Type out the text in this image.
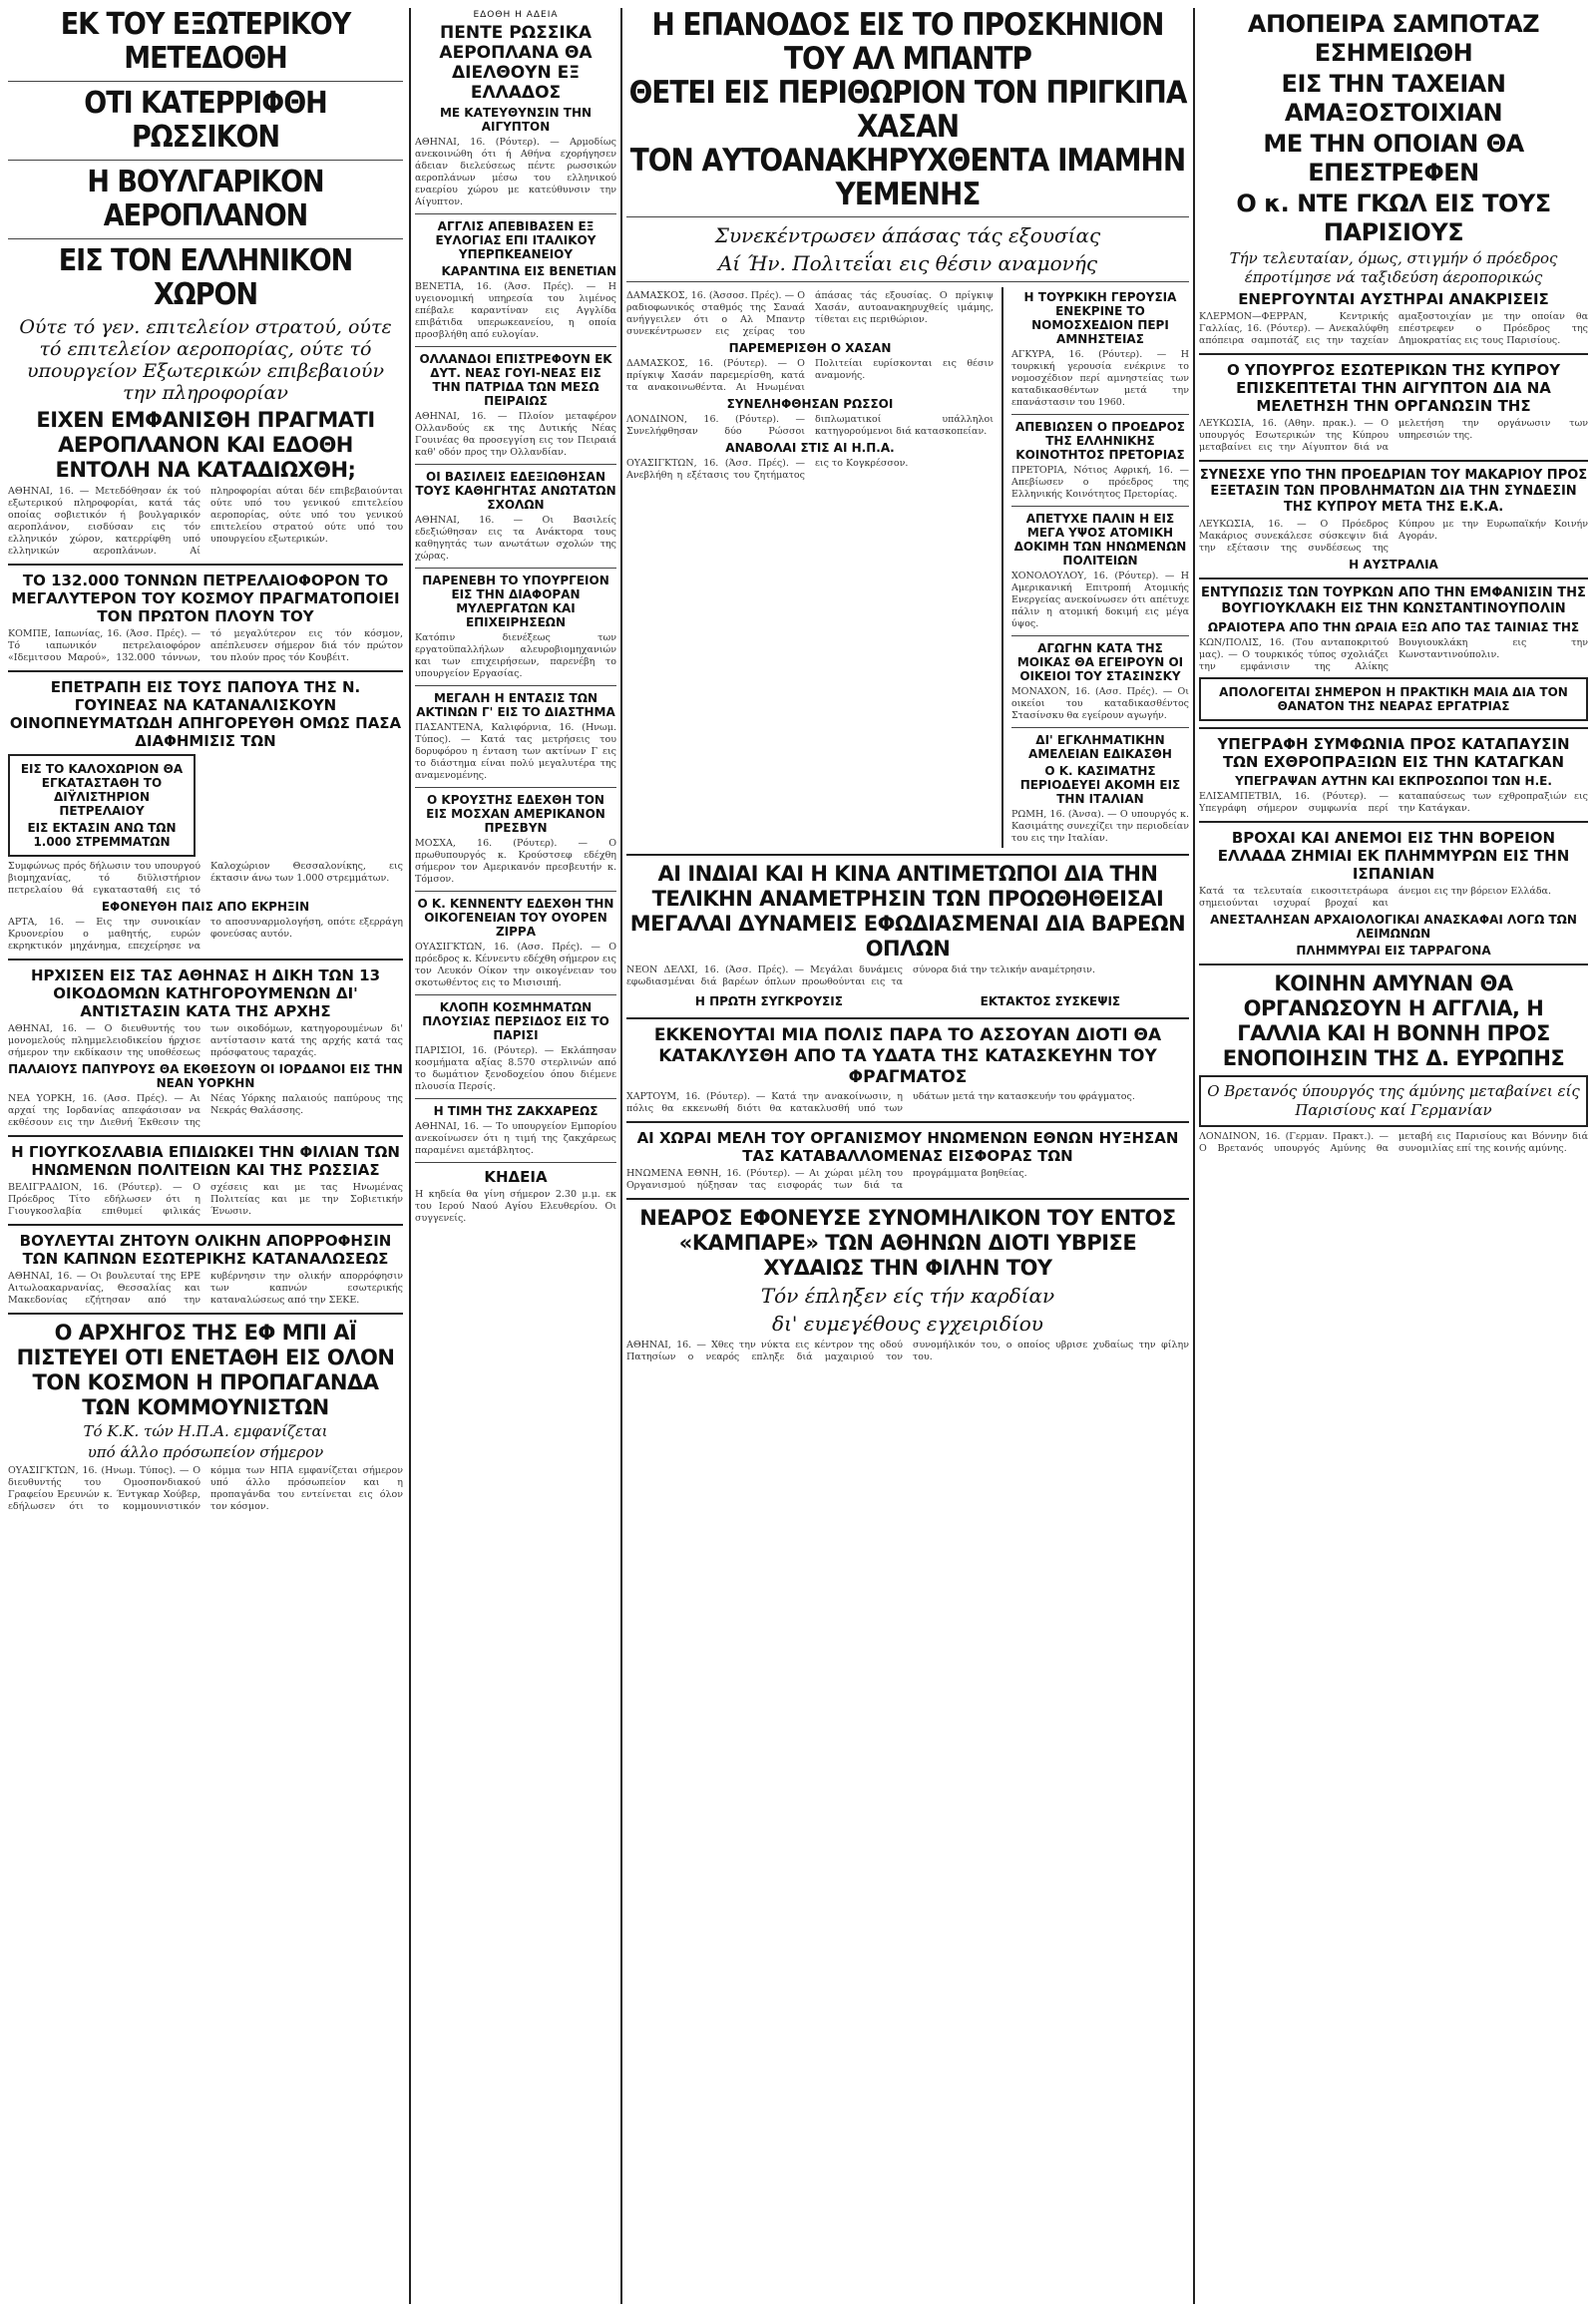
ΕΚ ΤΟΥ ΕΞΩΤΕΡΙΚΟΥ ΜΕΤΕΔΟΘΗ
ΟΤΙ ΚΑΤΕΡΡΙΦΘΗ ΡΩΣΣΙΚΟΝ
Η ΒΟΥΛΓΑΡΙΚΟΝ ΑΕΡΟΠΛΑΝΟΝ
ΕΙΣ ΤΟΝ ΕΛΛΗΝΙΚΟΝ ΧΩΡΟΝ
Ούτε τό γεν. επιτελείον στρατού, ούτε τό επιτελείον αεροπορίας, ούτε τό υπουργείον Εξωτερικών επιβεβαιούν την πληροφορίαν
ΕΙΧΕΝ ΕΜΦΑΝΙΣΘΗ ΠΡΑΓΜΑΤΙ ΑΕΡΟΠΛΑΝΟΝ ΚΑΙ ΕΔΟΘΗ ΕΝΤΟΛΗ ΝΑ ΚΑΤΑΔΙΩΧΘΗ;
ΑΘΗΝΑΙ, 16. — Μετεδόθησαν έκ τού εξωτερικού πληροφορίαι, κατά τάς οποίας σοβιετικόν ή βουλγαρικόν αεροπλάνον, εισδύσαν εις τόν ελληνικόν χώρον, κατερρίφθη υπό ελληνικών αεροπλάνων. Αί πληροφορίαι αύται δέν επιβεβαιούνται ούτε υπό του γενικού επιτελείου αεροπορίας, ούτε υπό του γενικού επιτελείου στρατού ούτε υπό του υπουργείου εξωτερικών.
ΤΟ 132.000 ΤΟΝΝΩΝ ΠΕΤΡΕΛΑΙΟΦΟΡΟΝ ΤΟ ΜΕΓΑΛΥΤΕΡΟΝ ΤΟΥ ΚΟΣΜΟΥ ΠΡΑΓΜΑΤΟΠΟΙΕΙ ΤΟΝ ΠΡΩΤΟΝ ΠΛΟΥΝ ΤΟΥ
ΚΟΜΠΕ, Ιαπωνίας, 16. (Άσσ. Πρές). — Τό ιαπωνικόν πετρελαιοφόρον «Ιδεμιτσου Μαρού», 132.000 τόννων, τό μεγαλύτερον εις τόν κόσμον, απέπλευσεν σήμερον διά τόν πρώτον του πλούν προς τόν Κουβέιτ.
ΕΠΕΤΡΑΠΗ ΕΙΣ ΤΟΥΣ ΠΑΠΟΥΑ ΤΗΣ Ν. ΓΟΥΙΝΕΑΣ ΝΑ ΚΑΤΑΝΑΛΙΣΚΟΥΝ ΟΙΝΟΠΝΕΥΜΑΤΩΔΗ ΑΠΗΓΟΡΕΥΘΗ ΟΜΩΣ ΠΑΣΑ ΔΙΑΦΗΜΙΣΙΣ ΤΩΝ
ΕΙΣ ΤΟ ΚΑΛΟΧΩΡΙΟΝ ΘΑ ΕΓΚΑΤΑΣΤΑΘΗ ΤΟ ΔΙΫΛΙΣΤΗΡΙΟΝ ΠΕΤΡΕΛΑΙΟΥ
ΕΙΣ ΕΚΤΑΣΙΝ ΑΝΩ ΤΩΝ 1.000 ΣΤΡΕΜΜΑΤΩΝ
Συμφώνως πρός δήλωσιν του υπουργού βιομηχανίας, τό διϋλιστήριον πετρελαίου θά εγκατασταθή εις τό Καλοχώριον Θεσσαλονίκης, εις έκτασιν άνω των 1.000 στρεμμάτων.
ΕΦΟΝΕΥΘΗ ΠΑΙΣ ΑΠΟ ΕΚΡΗΞΙΝ
ΑΡΤΑ, 16. — Εις την συνοικίαν Κρυονερίου ο μαθητής, ευρών εκρηκτικόν μηχάνημα, επεχείρησε να το αποσυναρμολογήση, οπότε εξερράγη φονεύσας αυτόν.
ΗΡΧΙΣΕΝ ΕΙΣ ΤΑΣ ΑΘΗΝΑΣ Η ΔΙΚΗ ΤΩΝ 13 ΟΙΚΟΔΟΜΩΝ ΚΑΤΗΓΟΡΟΥΜΕΝΩΝ ΔΙ' ΑΝΤΙΣΤΑΣΙΝ ΚΑΤΑ ΤΗΣ ΑΡΧΗΣ
ΑΘΗΝΑΙ, 16. — Ο διευθυντής του μονομελούς πλημμελειοδικείου ήρχισε σήμερον την εκδίκασιν της υποθέσεως των οικοδόμων, κατηγορουμένων δι' αντίστασιν κατά της αρχής κατά τας πρόσφατους ταραχάς.
ΠΑΛΑΙΟΥΣ ΠΑΠΥΡΟΥΣ ΘΑ ΕΚΘΕΣΟΥΝ ΟΙ ΙΟΡΔΑΝΟΙ ΕΙΣ ΤΗΝ ΝΕΑΝ ΥΟΡΚΗΝ
ΝΕΑ ΥΟΡΚΗ, 16. (Ασσ. Πρές). — Αι αρχαί της Ιορδανίας απεφάσισαν να εκθέσουν εις την Διεθνή Έκθεσιν της Νέας Υόρκης παλαιούς παπύρους της Νεκράς Θαλάσσης.
Η ΓΙΟΥΓΚΟΣΛΑΒΙΑ ΕΠΙΔΙΩΚΕΙ ΤΗΝ ΦΙΛΙΑΝ ΤΩΝ ΗΝΩΜΕΝΩΝ ΠΟΛΙΤΕΙΩΝ ΚΑΙ ΤΗΣ ΡΩΣΣΙΑΣ
ΒΕΛΙΓΡΑΔΙΟΝ, 16. (Ρόυτερ). — Ο Πρόεδρος Τίτο εδήλωσεν ότι η Γιουγκοσλαβία επιθυμεί φιλικάς σχέσεις και με τας Ηνωμένας Πολιτείας και με την Σοβιετικήν Ένωσιν.
ΒΟΥΛΕΥΤΑΙ ΖΗΤΟΥΝ ΟΛΙΚΗΝ ΑΠΟΡΡΟΦΗΣΙΝ ΤΩΝ ΚΑΠΝΩΝ ΕΣΩΤΕΡΙΚΗΣ ΚΑΤΑΝΑΛΩΣΕΩΣ
ΑΘΗΝΑΙ, 16. — Οι βουλευταί της ΕΡΕ Αιτωλοακαρνανίας, Θεσσαλίας και Μακεδονίας εζήτησαν από την κυβέρνησιν την ολικήν απορρόφησιν των καπνών εσωτερικής καταναλώσεως από την ΣΕΚΕ.
Ο ΑΡΧΗΓΟΣ ΤΗΣ ΕΦ ΜΠΙ ΑΪ ΠΙΣΤΕΥΕΙ ΟΤΙ ΕΝΕΤΑΘΗ ΕΙΣ ΟΛΟΝ ΤΟΝ ΚΟΣΜΟΝ Η ΠΡΟΠΑΓΑΝΔΑ ΤΩΝ ΚΟΜΜΟΥΝΙΣΤΩΝ
Τό Κ.Κ. τών Η.Π.Α. εμφανίζεται
υπό άλλο πρόσωπείον σήμερον
ΟΥΑΣΙΓΚΤΩΝ, 16. (Ηνωμ. Τύπος). — Ο διευθυντής του Ομοσπονδιακού Γραφείου Ερευνών κ. Έντγκαρ Χούβερ, εδήλωσεν ότι το κομμουνιστικόν κόμμα των ΗΠΑ εμφανίζεται σήμερον υπό άλλο πρόσωπείον και η προπαγάνδα του εντείνεται εις όλον τον κόσμον.
ΕΔΟΘΗ Η ΑΔΕΙΑ
ΠΕΝΤΕ ΡΩΣΣΙΚΑ ΑΕΡΟΠΛΑΝΑ ΘΑ ΔΙΕΛΘΟΥΝ ΕΞ ΕΛΛΑΔΟΣ
ΜΕ ΚΑΤΕΥΘΥΝΣΙΝ ΤΗΝ ΑΙΓΥΠΤΟΝ
ΑΘΗΝΑΙ, 16. (Ρόυτερ). — Αρμοδίως ανεκοινώθη ότι ή Αθήνα εχορήγησεν άδειαν διελεύσεως πέντε ρωσσικών αεροπλάνων μέσω του ελληνικού εναερίου χώρου με κατεύθυνσιν την Αίγυπτον.
ΑΓΓΛΙΣ ΑΠΕΒΙΒΑΣΕΝ ΕΞ ΕΥΛΟΓΙΑΣ ΕΠΙ ΙΤΑΛΙΚΟΥ ΥΠΕΡΠΚΕΑΝΕΙΟΥ
ΚΑΡΑΝΤΙΝΑ ΕΙΣ ΒΕΝΕΤΙΑΝ
ΒΕΝΕΤΙΑ, 16. (Άσσ. Πρές). — Η υγειονομική υπηρεσία του λιμένος επέβαλε καραντίναν εις Αγγλίδα επιβάτιδα υπερωκεανείου, η οποία προσβλήθη από ευλογίαν.
ΟΛΛΑΝΔΟΙ ΕΠΙΣΤΡΕΦΟΥΝ ΕΚ ΔΥΤ. ΝΕΑΣ ΓΟΥΙ-ΝΕΑΣ ΕΙΣ ΤΗΝ ΠΑΤΡΙΔΑ ΤΩΝ ΜΕΣΩ ΠΕΙΡΑΙΩΣ
ΑΘΗΝΑΙ, 16. — Πλοίον μεταφέρον Ολλανδούς εκ της Δυτικής Νέας Γουινέας θα προσεγγίση εις τον Πειραιά καθ' οδόν προς την Ολλανδίαν.
ΟΙ ΒΑΣΙΛΕΙΣ ΕΔΕΞΙΩΘΗΣΑΝ ΤΟΥΣ ΚΑΘΗΓΗΤΑΣ ΑΝΩΤΑΤΩΝ ΣΧΟΛΩΝ
ΑΘΗΝΑΙ, 16. — Οι Βασιλείς εδεξιώθησαν εις τα Ανάκτορα τους καθηγητάς των ανωτάτων σχολών της χώρας.
ΠΑΡΕΝΕΒΗ ΤΟ ΥΠΟΥΡΓΕΙΟΝ ΕΙΣ ΤΗΝ ΔΙΑΦΟΡΑΝ ΜΥΛΕΡΓΑΤΩΝ ΚΑΙ ΕΠΙΧΕΙΡΗΣΕΩΝ
Κατόπιν διενέξεως των εργατοϋπαλλήλων αλευροβιομηχανιών και των επιχειρήσεων, παρενέβη το υπουργείον Εργασίας.
ΜΕΓΑΛΗ Η ΕΝΤΑΣΙΣ ΤΩΝ ΑΚΤΙΝΩΝ Γ' ΕΙΣ ΤΟ ΔΙΑΣΤΗΜΑ
ΠΑΣΑΝΤΕΝΑ, Καλιφόρνια, 16. (Ηνωμ. Τύπος). — Κατά τας μετρήσεις του δορυφόρου η ένταση των ακτίνων Γ εις το διάστημα είναι πολύ μεγαλυτέρα της αναμενομένης.
Ο ΚΡΟΥΣΤΗΣ ΕΔΕΧΘΗ ΤΟΝ ΕΙΣ ΜΟΣΧΑΝ ΑΜΕΡΙΚΑΝΟΝ ΠΡΕΣΒΥΝ
ΜΟΣΧΑ, 16. (Ρόυτερ). — Ο πρωθυπουργός κ. Κρούστσεφ εδέχθη σήμερον τον Αμερικανόν πρεσβευτήν κ. Τόμσον.
Ο Κ. ΚΕΝΝΕΝΤΥ ΕΔΕΧΘΗ ΤΗΝ ΟΙΚΟΓΕΝΕΙΑΝ ΤΟΥ ΟΥΟΡΕΝ ΖΙΡΡΑ
ΟΥΑΣΙΓΚΤΩΝ, 16. (Ασσ. Πρές). — Ο πρόεδρος κ. Κέννεντυ εδέχθη σήμερον εις τον Λευκόν Οίκον την οικογένειαν του σκοτωθέντος εις το Μισισιπή.
ΚΛΟΠΗ ΚΟΣΜΗΜΑΤΩΝ ΠΛΟΥΣΙΑΣ ΠΕΡΣΙΔΟΣ ΕΙΣ ΤΟ ΠΑΡΙΣΙ
ΠΑΡΙΣΙΟΙ, 16. (Ρόυτερ). — Εκλάπησαν κοσμήματα αξίας 8.570 στερλινών από το δωμάτιον ξενοδοχείου όπου διέμενε πλουσία Περσίς.
Η ΤΙΜΗ ΤΗΣ ΖΑΚΧΑΡΕΩΣ
ΑΘΗΝΑΙ, 16. — Το υπουργείον Εμπορίου ανεκοίνωσεν ότι η τιμή της ζακχάρεως παραμένει αμετάβλητος.
ΚΗΔΕΙΑ
Η κηδεία θα γίνη σήμερον 2.30 μ.μ. εκ του Ιερού Ναού Αγίου Ελευθερίου. Οι συγγενείς.
Η ΕΠΑΝΟΔΟΣ ΕΙΣ ΤΟ ΠΡΟΣΚΗΝΙΟΝ ΤΟΥ ΑΛ ΜΠΑΝΤΡ
ΘΕΤΕΙ ΕΙΣ ΠΕΡΙΘΩΡΙΟΝ ΤΟΝ ΠΡΙΓΚΙΠΑ ΧΑΣΑΝ
ΤΟΝ ΑΥΤΟΑΝΑΚΗΡΥΧΘΕΝΤΑ ΙΜΑΜΗΝ ΥΕΜΕΝΗΣ
Συνεκέντρωσεν άπάσας τάς εξουσίας
Αί Ήν. Πολιτεΐαι εις θέσιν αναμονής
ΔΑΜΑΣΚΟΣ, 16. (Άσσοσ. Πρές). — Ο ραδιοφωνικός σταθμός της Σαναά ανήγγειλεν ότι ο Αλ Μπαντρ συνεκέντρωσεν εις χείρας του άπάσας τάς εξουσίας. Ο πρίγκιψ Χασάν, αυτοανακηρυχθείς ιμάμης, τίθεται εις περιθώριον.
ΠΑΡΕΜΕΡΙΣΘΗ Ο ΧΑΣΑΝ
ΔΑΜΑΣΚΟΣ, 16. (Ρόυτερ). — Ο πρίγκιψ Χασάν παρεμερίσθη, κατά τα ανακοινωθέντα. Αι Ηνωμέναι Πολιτείαι ευρίσκονται εις θέσιν αναμονής.
ΣΥΝΕΛΗΦΘΗΣΑΝ ΡΩΣΣΟΙ
ΛΟΝΔΙΝΟΝ, 16. (Ρόυτερ). — Συνελήφθησαν δύο Ρώσσοι διπλωματικοί υπάλληλοι κατηγορούμενοι διά κατασκοπείαν.
ΑΝΑΒΟΛΑΙ ΣΤΙΣ ΑΙ Η.Π.Α.
ΟΥΑΣΙΓΚΤΩΝ, 16. (Άσσ. Πρές). — Ανεβλήθη η εξέτασις του ζητήματος εις το Κογκρέσσον.
Η ΤΟΥΡΚΙΚΗ ΓΕΡΟΥΣΙΑ ΕΝΕΚΡΙΝΕ ΤΟ ΝΟΜΟΣΧΕΔΙΟΝ ΠΕΡΙ ΑΜΝΗΣΤΕΙΑΣ
ΑΓΚΥΡΑ, 16. (Ρόυτερ). — Η τουρκική γερουσία ενέκρινε το νομοσχέδιον περί αμνηστείας των καταδικασθέντων μετά την επανάστασιν του 1960.
ΑΠΕΒΙΩΣΕΝ Ο ΠΡΟΕΔΡΟΣ ΤΗΣ ΕΛΛΗΝΙΚΗΣ ΚΟΙΝΟΤΗΤΟΣ ΠΡΕΤΟΡΙΑΣ
ΠΡΕΤΟΡΙΑ, Νότιος Αφρική, 16. — Απεβίωσεν ο πρόεδρος της Ελληνικής Κοινότητος Πρετορίας.
ΑΠΕΤΥΧΕ ΠΑΛΙΝ Η ΕΙΣ ΜΕΓΑ ΥΨΟΣ ΑΤΟΜΙΚΗ ΔΟΚΙΜΗ ΤΩΝ ΗΝΩΜΕΝΩΝ ΠΟΛΙΤΕΙΩΝ
ΧΟΝΟΛΟΥΛΟΥ, 16. (Ρόυτερ). — Η Αμερικανική Επιτροπή Ατομικής Ενεργείας ανεκοίνωσεν ότι απέτυχε πάλιν η ατομική δοκιμή εις μέγα ύψος.
ΑΓΩΓΗΝ ΚΑΤΑ ΤΗΣ ΜΟΙΚΑΣ ΘΑ ΕΓΕΙΡΟΥΝ ΟΙ ΟΙΚΕΙΟΙ ΤΟΥ ΣΤΑΣΙΝΣΚΥ
ΜΟΝΑΧΟΝ, 16. (Ασσ. Πρές). — Οι οικείοι του καταδικασθέντος Στασίνσκυ θα εγείρουν αγωγήν.
ΔΙ' ΕΓΚΛΗΜΑΤΙΚΗΝ ΑΜΕΛΕΙΑΝ ΕΔΙΚΑΣΘΗ
Ο Κ. ΚΑΣΙΜΑΤΗΣ ΠΕΡΙΟΔΕΥΕΙ ΑΚΟΜΗ ΕΙΣ ΤΗΝ ΙΤΑΛΙΑΝ
ΡΩΜΗ, 16. (Άνσα). — Ο υπουργός κ. Κασιμάτης συνεχίζει την περιοδείαν του εις την Ιταλίαν.
ΑΙ ΙΝΔΙΑΙ ΚΑΙ Η ΚΙΝΑ ΑΝΤΙΜΕΤΩΠΟΙ ΔΙΑ ΤΗΝ ΤΕΛΙΚΗΝ ΑΝΑΜΕΤΡΗΣΙΝ ΤΩΝ ΠΡΟΩΘΗΘΕΙΣΑΙ ΜΕΓΑΛΑΙ ΔΥΝΑΜΕΙΣ ΕΦΩΔΙΑΣΜΕΝΑΙ ΔΙΑ ΒΑΡΕΩΝ ΟΠΛΩΝ
ΝΕΟΝ ΔΕΛΧΙ, 16. (Άσσ. Πρές). — Μεγάλαι δυνάμεις εφωδιασμέναι διά βαρέων όπλων προωθούνται εις τα σύνορα διά την τελικήν αναμέτρησιν.
Η ΠΡΩΤΗ ΣΥΓΚΡΟΥΣΙΣ	ΕΚΤΑΚΤΟΣ ΣΥΣΚΕΨΙΣ
ΕΚΚΕΝΟΥΤΑΙ ΜΙΑ ΠΟΛΙΣ ΠΑΡΑ ΤΟ ΑΣΣΟΥΑΝ ΔΙΟΤΙ ΘΑ ΚΑΤΑΚΛΥΣΘΗ ΑΠΟ ΤΑ ΥΔΑΤΑ ΤΗΣ ΚΑΤΑΣΚΕΥΗΝ ΤΟΥ ΦΡΑΓΜΑΤΟΣ
ΧΑΡΤΟΥΜ, 16. (Ρόυτερ). — Κατά την ανακοίνωσιν, η πόλις θα εκκενωθή διότι θα κατακλυσθή υπό των υδάτων μετά την κατασκευήν του φράγματος.
ΑΙ ΧΩΡΑΙ ΜΕΛΗ ΤΟΥ ΟΡΓΑΝΙΣΜΟΥ ΗΝΩΜΕΝΩΝ ΕΘΝΩΝ ΗΥΞΗΣΑΝ ΤΑΣ ΚΑΤΑΒΑΛΛΟΜΕΝΑΣ ΕΙΣΦΟΡΑΣ ΤΩΝ
ΗΝΩΜΕΝΑ ΕΘΝΗ, 16. (Ρόυτερ). — Αι χώραι μέλη του Οργανισμού ηύξησαν τας εισφοράς των διά τα προγράμματα βοηθείας.
ΝΕΑΡΟΣ ΕΦΟΝΕΥΣΕ ΣΥΝΟΜΗΛΙΚΟΝ ΤΟΥ ΕΝΤΟΣ «ΚΑΜΠΑΡΕ» ΤΩΝ ΑΘΗΝΩΝ ΔΙΟΤΙ ΥΒΡΙΣΕ ΧΥΔΑΙΩΣ ΤΗΝ ΦΙΛΗΝ ΤΟΥ
Τόν έπληξεν είς τήν καρδίαν
δι' ευμεγέθους εγχειριδίου
ΑΘΗΝΑΙ, 16. — Χθες την νύκτα εις κέντρον της οδού Πατησίων ο νεαρός επληξε διά μαχαιριού τον συνομήλικόν του, ο οποίος υβρισε χυδαίως την φίλην του.
ΑΠΟΠΕΙΡΑ ΣΑΜΠΟΤΑΖ ΕΣΗΜΕΙΩΘΗ
ΕΙΣ ΤΗΝ ΤΑΧΕΙΑΝ ΑΜΑΞΟΣΤΟΙΧΙΑΝ
ΜΕ ΤΗΝ ΟΠΟΙΑΝ ΘΑ ΕΠΕΣΤΡΕΦΕΝ
Ο κ. ΝΤΕ ΓΚΩΛ ΕΙΣ ΤΟΥΣ ΠΑΡΙΣΙΟΥΣ
Τήν τελευταίαν, όμως, στιγμήν ό πρόεδρος έπροτίμησε νά ταξιδεύση άεροπορικώς
ΕΝΕΡΓΟΥΝΤΑΙ ΑΥΣΤΗΡΑΙ ΑΝΑΚΡΙΣΕΙΣ
ΚΛΕΡΜΟΝ—ΦΕΡΡΑΝ, Κεντρικής Γαλλίας, 16. (Ρόυτερ). — Ανεκαλύφθη απόπειρα σαμποτάζ εις την ταχείαν αμαξοστοιχίαν με την οποίαν θα επέστρεφεν ο Πρόεδρος της Δημοκρατίας εις τους Παρισίους.
Ο ΥΠΟΥΡΓΟΣ ΕΣΩΤΕΡΙΚΩΝ ΤΗΣ ΚΥΠΡΟΥ ΕΠΙΣΚΕΠΤΕΤΑΙ ΤΗΝ ΑΙΓΥΠΤΟΝ ΔΙΑ ΝΑ ΜΕΛΕΤΗΣΗ ΤΗΝ ΟΡΓΑΝΩΣΙΝ ΤΗΣ
ΛΕΥΚΩΣΙΑ, 16. (Αθην. πρακ.). — Ο υπουργός Εσωτερικών της Κύπρου μεταβαίνει εις την Αίγυπτον διά να μελετήση την οργάνωσιν των υπηρεσιών της.
ΣΥΝΕΣΧΕ ΥΠΟ ΤΗΝ ΠΡΟΕΔΡΙΑΝ ΤΟΥ ΜΑΚΑΡΙΟΥ ΠΡΟΣ ΕΞΕΤΑΣΙΝ ΤΩΝ ΠΡΟΒΛΗΜΑΤΩΝ ΔΙΑ ΤΗΝ ΣΥΝΔΕΣΙΝ ΤΗΣ ΚΥΠΡΟΥ ΜΕΤΑ ΤΗΣ Ε.Κ.Α.
ΛΕΥΚΩΣΙΑ, 16. — Ο Πρόεδρος Μακάριος συνεκάλεσε σύσκεψιν διά την εξέτασιν της συνδέσεως της Κύπρου με την Ευρωπαϊκήν Κοινήν Αγοράν.
Η ΑΥΣΤΡΑΛΙΑ
ΕΝΤΥΠΩΣΙΣ ΤΩΝ ΤΟΥΡΚΩΝ ΑΠΟ ΤΗΝ ΕΜΦΑΝΙΣΙΝ ΤΗΣ ΒΟΥΓΙΟΥΚΛΑΚΗ ΕΙΣ ΤΗΝ ΚΩΝΣΤΑΝΤΙΝΟΥΠΟΛΙΝ
ΩΡΑΙΟΤΕΡΑ ΑΠΟ ΤΗΝ ΩΡΑΙΑ ΕΞΩ ΑΠΟ ΤΑΣ ΤΑΙΝΙΑΣ ΤΗΣ
ΚΩΝ/ΠΟΛΙΣ, 16. (Του ανταποκριτού μας). — Ο τουρκικός τύπος σχολιάζει την εμφάνισιν της Αλίκης Βουγιουκλάκη εις την Κωνσταντινούπολιν.
ΑΠΟΛΟΓΕΙΤΑΙ ΣΗΜΕΡΟΝ Η ΠΡΑΚΤΙΚΗ ΜΑΙΑ ΔΙΑ ΤΟΝ ΘΑΝΑΤΟΝ ΤΗΣ ΝΕΑΡΑΣ ΕΡΓΑΤΡΙΑΣ
ΥΠΕΓΡΑΦΗ ΣΥΜΦΩΝΙΑ ΠΡΟΣ ΚΑΤΑΠΑΥΣΙΝ ΤΩΝ ΕΧΘΡΟΠΡΑΞΙΩΝ ΕΙΣ ΤΗΝ ΚΑΤΑΓΚΑΝ
ΥΠΕΓΡΑΨΑΝ ΑΥΤΗΝ ΚΑΙ ΕΚΠΡΟΣΩΠΟΙ ΤΩΝ Η.Ε.
ΕΛΙΣΑΜΠΕΤΒΙΛ, 16. (Ρόυτερ). — Υπεγράφη σήμερον συμφωνία περί καταπαύσεως των εχθροπραξιών εις την Κατάγκαν.
ΒΡΟΧΑΙ ΚΑΙ ΑΝΕΜΟΙ ΕΙΣ ΤΗΝ ΒΟΡΕΙΟΝ ΕΛΛΑΔΑ ΖΗΜΙΑΙ ΕΚ ΠΛΗΜΜΥΡΩΝ ΕΙΣ ΤΗΝ ΙΣΠΑΝΙΑΝ
Κατά τα τελευταία εικοσιτετράωρα σημειούνται ισχυραί βροχαί και άνεμοι εις την βόρειον Ελλάδα.
ΑΝΕΣΤΑΛΗΣΑΝ ΑΡΧΑΙΟΛΟΓΙΚΑΙ ΑΝΑΣΚΑΦΑΙ ΛΟΓΩ ΤΩΝ ΛΕΙΜΩΝΩΝ
ΠΛΗΜΜΥΡΑΙ ΕΙΣ ΤΑΡΡΑΓΟΝΑ
ΚΟΙΝΗΝ ΑΜΥΝΑΝ ΘΑ ΟΡΓΑΝΩΣΟΥΝ Η ΑΓΓΛΙΑ, Η ΓΑΛΛΙΑ ΚΑΙ Η ΒΟΝΝΗ ΠΡΟΣ ΕΝΟΠΟΙΗΣΙΝ ΤΗΣ Δ. ΕΥΡΩΠΗΣ
Ο Βρετανός ύπουργός της άμύνης μεταβαίνει είς Παρισίους καί Γερμανίαν
ΛΟΝΔΙΝΟΝ, 16. (Γερμαν. Πρακτ.). — Ο Βρετανός υπουργός Αμύνης θα μεταβή εις Παρισίους και Βόννην διά συνομιλίας επί της κοινής αμύνης.
